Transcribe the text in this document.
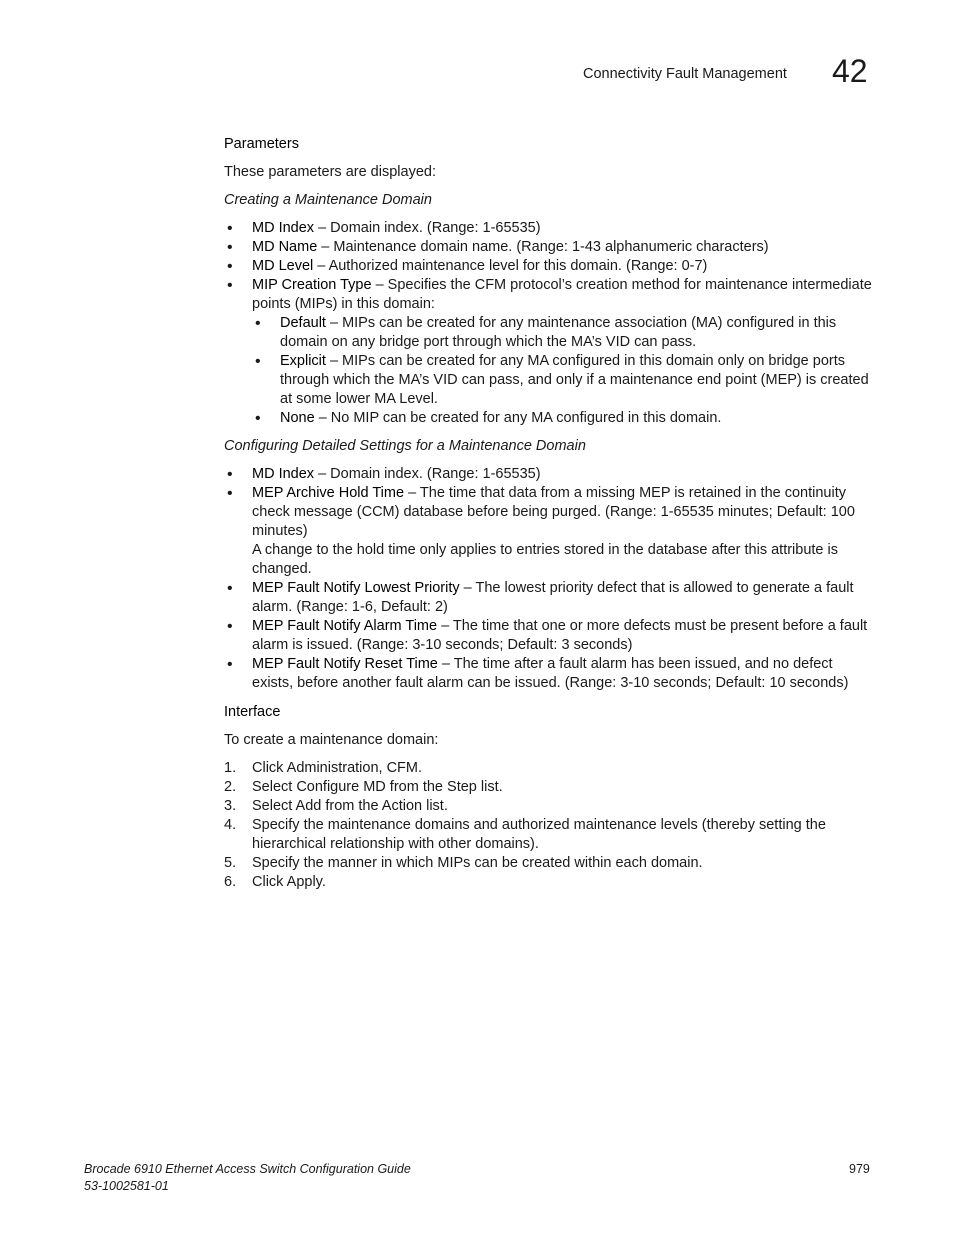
Connectivity Fault Management 42

Parameters

These parameters are displayed:

Creating a Maintenance Domain

• MD Index – Domain index. (Range: 1-65535)

• MD Name – Maintenance domain name. (Range: 1-43 alphanumeric characters)

• MD Level – Authorized maintenance level for this domain. (Range: 0-7)

• MIP Creation Type – Specifies the CFM protocol’s creation method for maintenance intermediate points (MIPs) in this domain:

• Default – MIPs can be created for any maintenance association (MA) configured in this domain on any bridge port through which the MA’s VID can pass.

• Explicit – MIPs can be created for any MA configured in this domain only on bridge ports through which the MA’s VID can pass, and only if a maintenance end point (MEP) is created at some lower MA Level.

• None – No MIP can be created for any MA configured in this domain.

Configuring Detailed Settings for a Maintenance Domain

• MD Index – Domain index. (Range: 1-65535)

• MEP Archive Hold Time – The time that data from a missing MEP is retained in the continuity check message (CCM) database before being purged. (Range: 1-65535 minutes; Default: 100 minutes)

A change to the hold time only applies to entries stored in the database after this attribute is changed.

• MEP Fault Notify Lowest Priority – The lowest priority defect that is allowed to generate a fault alarm. (Range: 1-6, Default: 2)

• MEP Fault Notify Alarm Time – The time that one or more defects must be present before a fault alarm is issued. (Range: 3-10 seconds; Default: 3 seconds)

• MEP Fault Notify Reset Time – The time after a fault alarm has been issued, and no defect exists, before another fault alarm can be issued. (Range: 3-10 seconds; Default: 10 seconds)

Interface

To create a maintenance domain:

1. Click Administration, CFM.

2. Select Configure MD from the Step list.

3. Select Add from the Action list.

4. Specify the maintenance domains and authorized maintenance levels (thereby setting the hierarchical relationship with other domains).

5. Specify the manner in which MIPs can be created within each domain.

6. Click Apply.

Brocade 6910 Ethernet Access Switch Configuration Guide
53-1002581-01
979
